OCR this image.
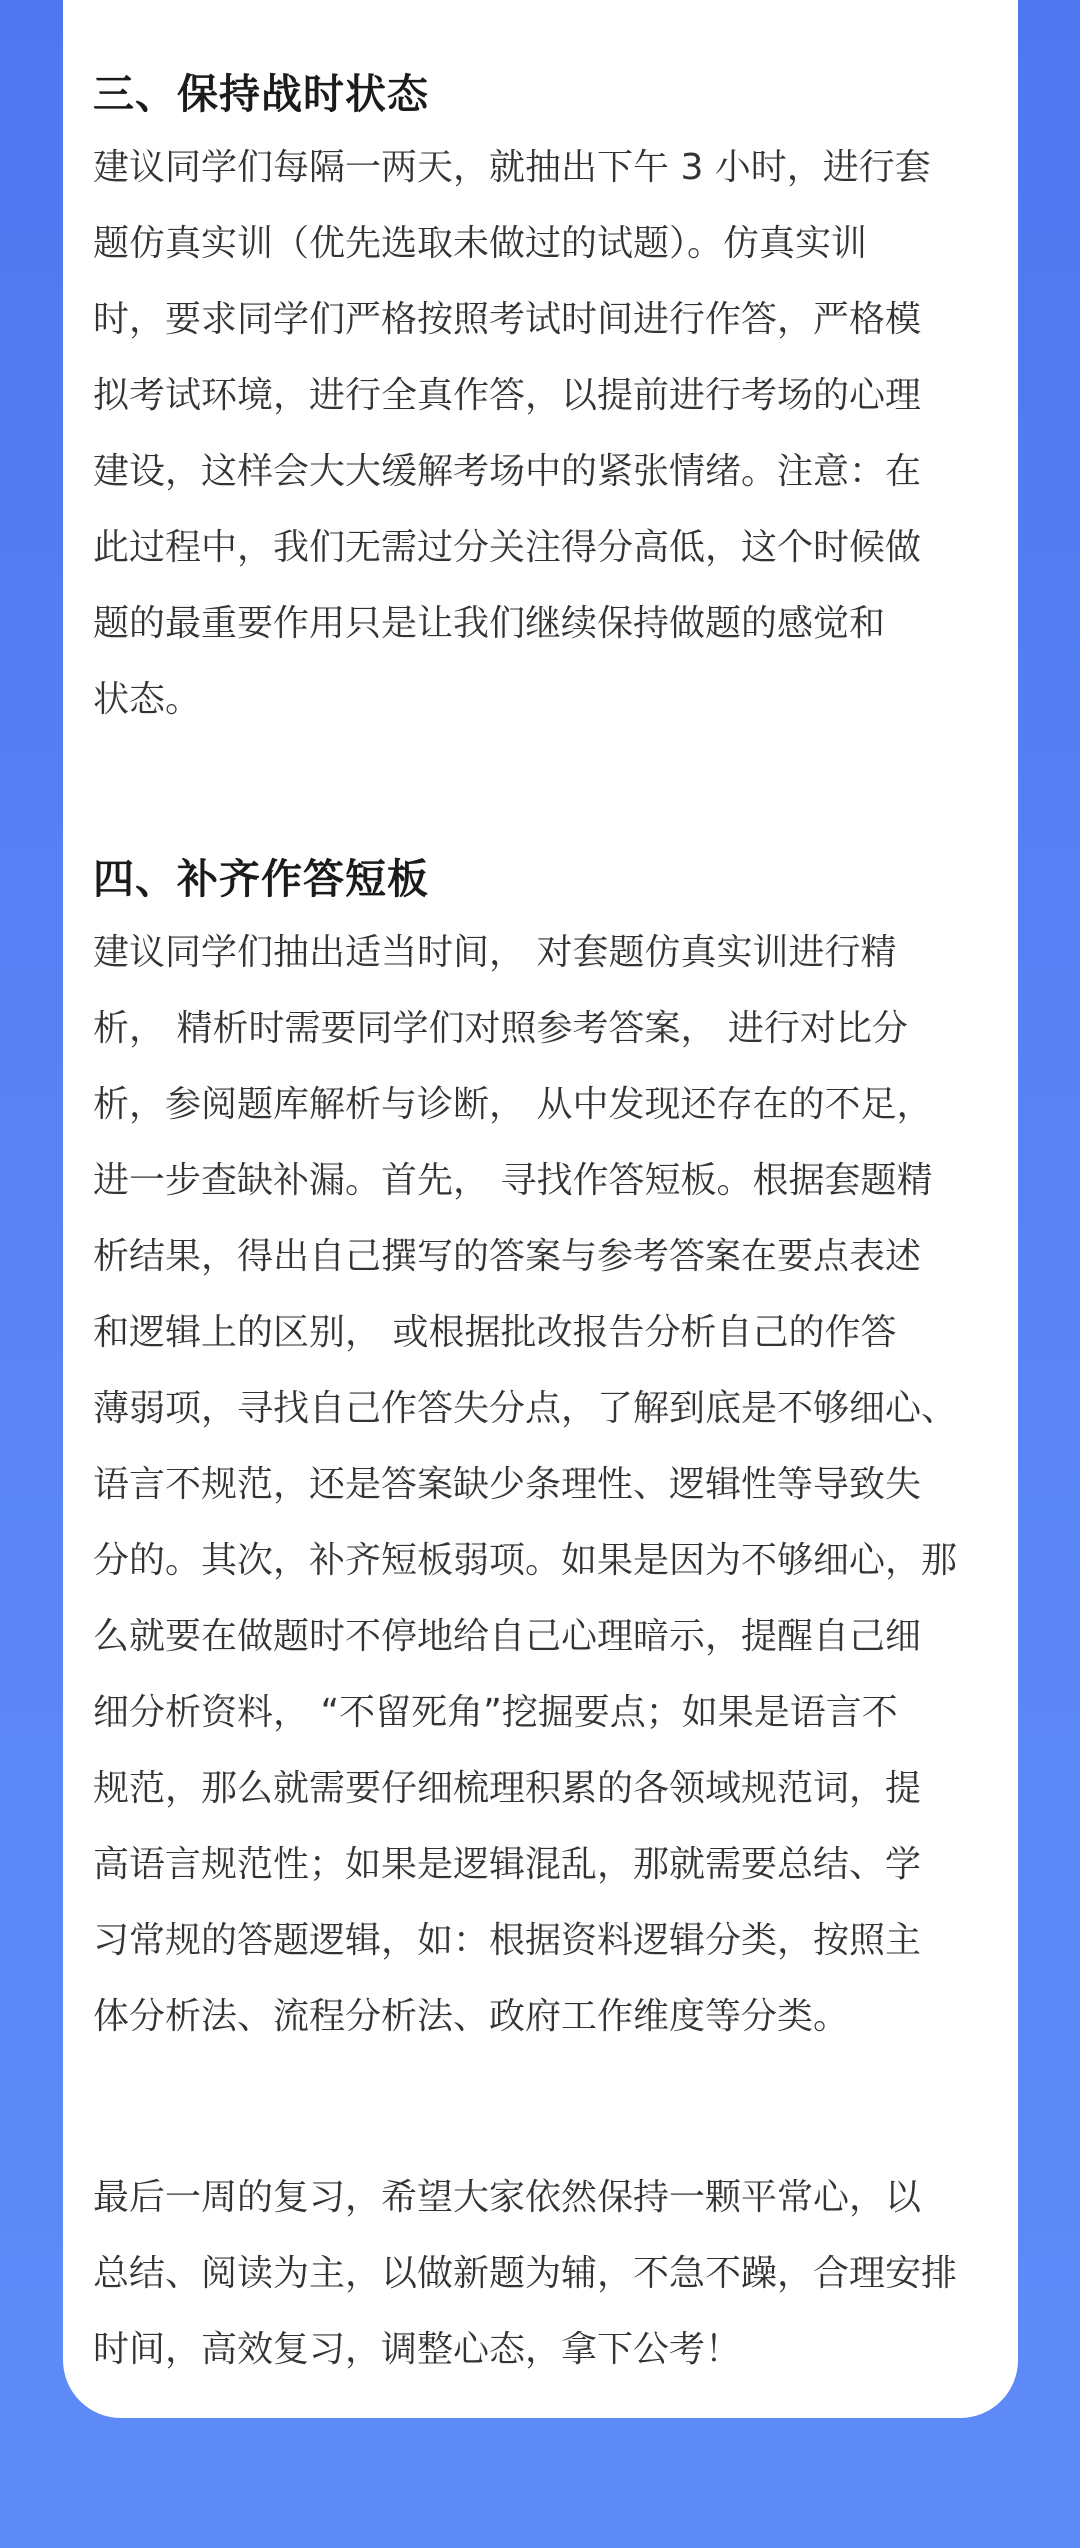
三、保持战时状态

建议同学们每隔一两天，就抽出下午 3 小时，进行套
题仿真实训（优先选取未做过的试题）。仿真实训
时，要求同学们严格按照考试时间进行作答，严格模
拟考试环境，进行全真作答，以提前进行考场的心理
建设，这样会大大缓解考场中的紧张情绪。注意：在
此过程中，我们无需过分关注得分高低，这个时候做
题的最重要作用只是让我们继续保持做题的感觉和
状态。

四、补齐作答短板

建议同学们抽出适当时间， 对套题仿真实训进行精
析， 精析时需要同学们对照参考答案， 进行对比分
析，参阅题库解析与诊断， 从中发现还存在的不足，
进一步查缺补漏。首先， 寻找作答短板。根据套题精
析结果，得出自己撰写的答案与参考答案在要点表述
和逻辑上的区别， 或根据批改报告分析自己的作答
薄弱项，寻找自己作答失分点，了解到底是不够细心、
语言不规范，还是答案缺少条理性、逻辑性等导致失
分的。其次，补齐短板弱项。如果是因为不够细心，那
么就要在做题时不停地给自己心理暗示，提醒自己细
细分析资料， “不留死角”挖掘要点；如果是语言不
规范，那么就需要仔细梳理积累的各领域规范词，提
高语言规范性；如果是逻辑混乱，那就需要总结、学
习常规的答题逻辑，如：根据资料逻辑分类，按照主
体分析法、流程分析法、政府工作维度等分类。

最后一周的复习，希望大家依然保持一颗平常心，以
总结、阅读为主，以做新题为辅，不急不躁，合理安排
时间，高效复习，调整心态，拿下公考！
